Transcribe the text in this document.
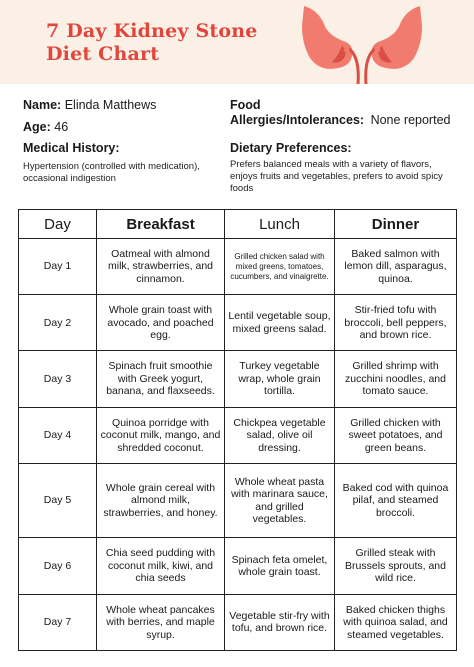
7 Day Kidney Stone
Diet Chart
Name: Elinda Matthews
Age: 46
Medical History:
Hypertension (controlled with medication), occasional indigestion
Food
Allergies/Intolerances: None reported
Dietary Preferences:
Prefers balanced meals with a variety of flavors, enjoys fruits and vegetables, prefers to avoid spicy foods
Day	Breakfast	Lunch	Dinner
Day 1	Oatmeal with almond milk, strawberries, and cinnamon.	Grilled chicken salad with mixed greens, tomatoes, cucumbers, and vinaigrette.	Baked salmon with lemon dill, asparagus, quinoa.
Day 2	Whole grain toast with avocado, and poached egg.	Lentil vegetable soup, mixed greens salad.	Stir-fried tofu with broccoli, bell peppers, and brown rice.
Day 3	Spinach fruit smoothie with Greek yogurt, banana, and flaxseeds.	Turkey vegetable wrap, whole grain tortilla.	Grilled shrimp with zucchini noodles, and tomato sauce.
Day 4	Quinoa porridge with coconut milk, mango, and shredded coconut.	Chickpea vegetable salad, olive oil dressing.	Grilled chicken with sweet potatoes, and green beans.
Day 5	Whole grain cereal with almond milk, strawberries, and honey.	Whole wheat pasta with marinara sauce, and grilled vegetables.	Baked cod with quinoa pilaf, and steamed broccoli.
Day 6	Chia seed pudding with coconut milk, kiwi, and chia seeds	Spinach feta omelet, whole grain toast.	Grilled steak with Brussels sprouts, and wild rice.
Day 7	Whole wheat pancakes with berries, and maple syrup.	Vegetable stir-fry with tofu, and brown rice.	Baked chicken thighs with quinoa salad, and steamed vegetables.
